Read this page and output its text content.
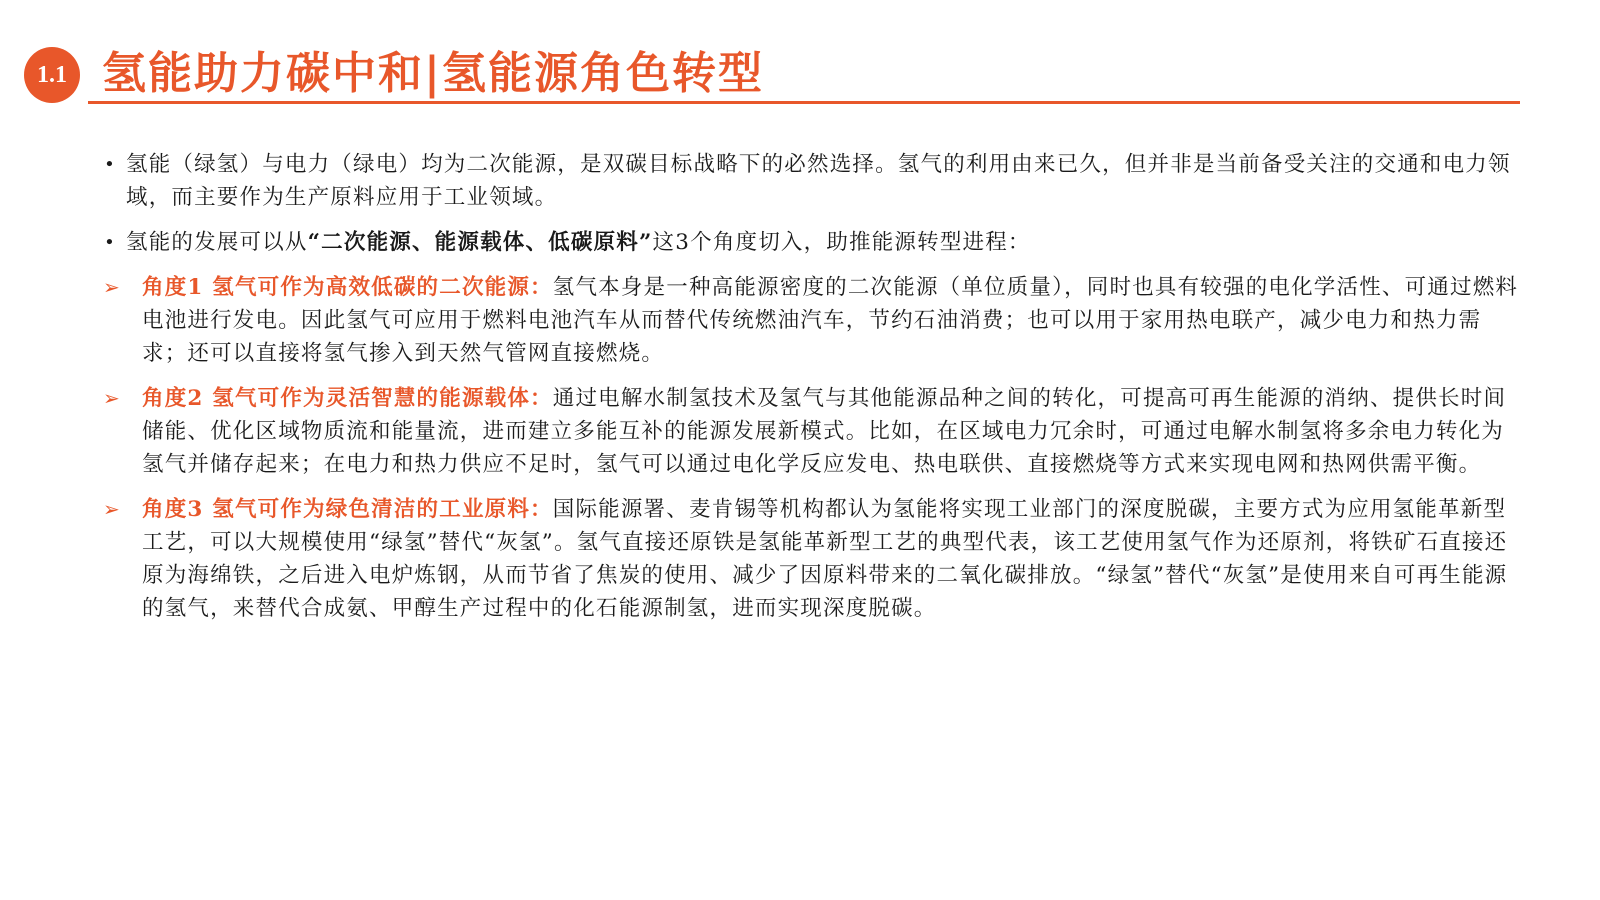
1.1 氢能助力碳中和|氢能源角色转型
• 氢能（绿氢）与电力（绿电）均为二次能源，是双碳目标战略下的必然选择。氢气的利用由来已久，但并非是当前备受关注的交通和电力领域，而主要作为生产原料应用于工业领域。
• 氢能的发展可以从“二次能源、能源载体、低碳原料”这3个角度切入，助推能源转型进程：
➢ 角度1 氢气可作为高效低碳的二次能源：氢气本身是一种高能源密度的二次能源（单位质量），同时也具有较强的电化学活性、可通过燃料电池进行发电。因此氢气可应用于燃料电池汽车从而替代传统燃油汽车，节约石油消费；也可以用于家用热电联产，减少电力和热力需求；还可以直接将氢气掺入到天然气管网直接燃烧。
➢ 角度2 氢气可作为灵活智慧的能源载体：通过电解水制氢技术及氢气与其他能源品种之间的转化，可提高可再生能源的消纳、提供长时间储能、优化区域物质流和能量流，进而建立多能互补的能源发展新模式。比如，在区域电力冗余时，可通过电解水制氢将多余电力转化为氢气并储存起来；在电力和热力供应不足时，氢气可以通过电化学反应发电、热电联供、直接燃烧等方式来实现电网和热网供需平衡。
➢ 角度3 氢气可作为绿色清洁的工业原料：国际能源署、麦肯锡等机构都认为氢能将实现工业部门的深度脱碳，主要方式为应用氢能革新型工艺，可以大规模使用“绿氢”替代“灰氢”。氢气直接还原铁是氢能革新型工艺的典型代表，该工艺使用氢气作为还原剂，将铁矿石直接还原为海绵铁，之后进入电炉炼钢，从而节省了焦炭的使用、减少了因原料带来的二氧化碳排放。“绿氢”替代“灰氢”是使用来自可再生能源的氢气，来替代合成氨、甲醇生产过程中的化石能源制氢，进而实现深度脱碳。
